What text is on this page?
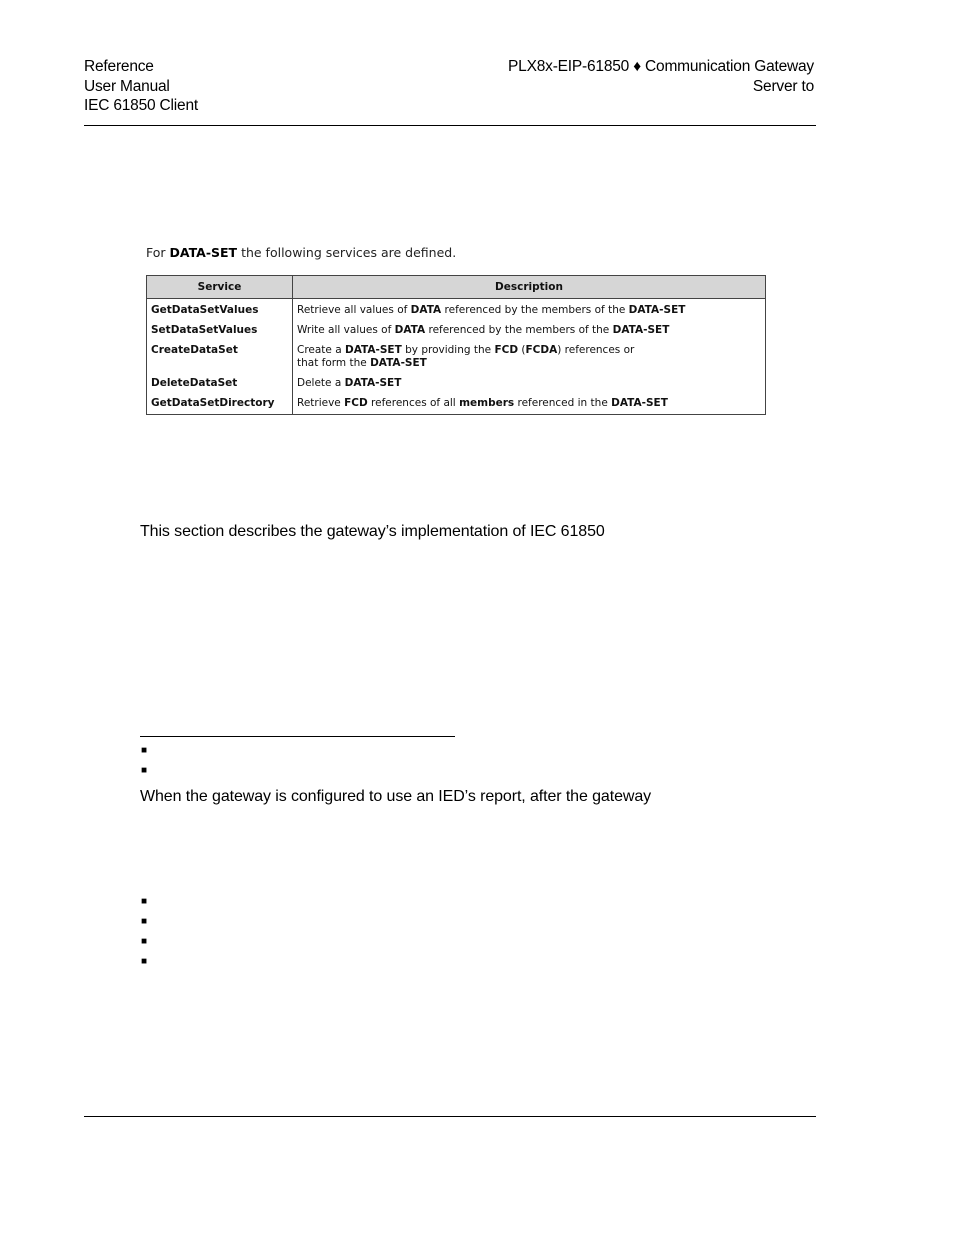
Reference
User Manual
IEC 61850 Client
PLX8x-EIP-61850 ♦ Communication Gateway
Server to
For DATA-SET the following services are defined.
Service	Description
GetDataSetValues	Retrieve all values of DATA referenced by the members of the DATA-SET
SetDataSetValues	Write all values of DATA referenced by the members of the DATA-SET
CreateDataSet	Create a DATA-SET by providing the FCD (FCDA) references or
that form the DATA-SET
DeleteDataSet	Delete a DATA-SET
GetDataSetDirectory	Retrieve FCD references of all members referenced in the DATA-SET
This section describes the gateway’s implementation of IEC 61850
■
■
When the gateway is configured to use an IED’s report, after the gateway
■
■
■
■
